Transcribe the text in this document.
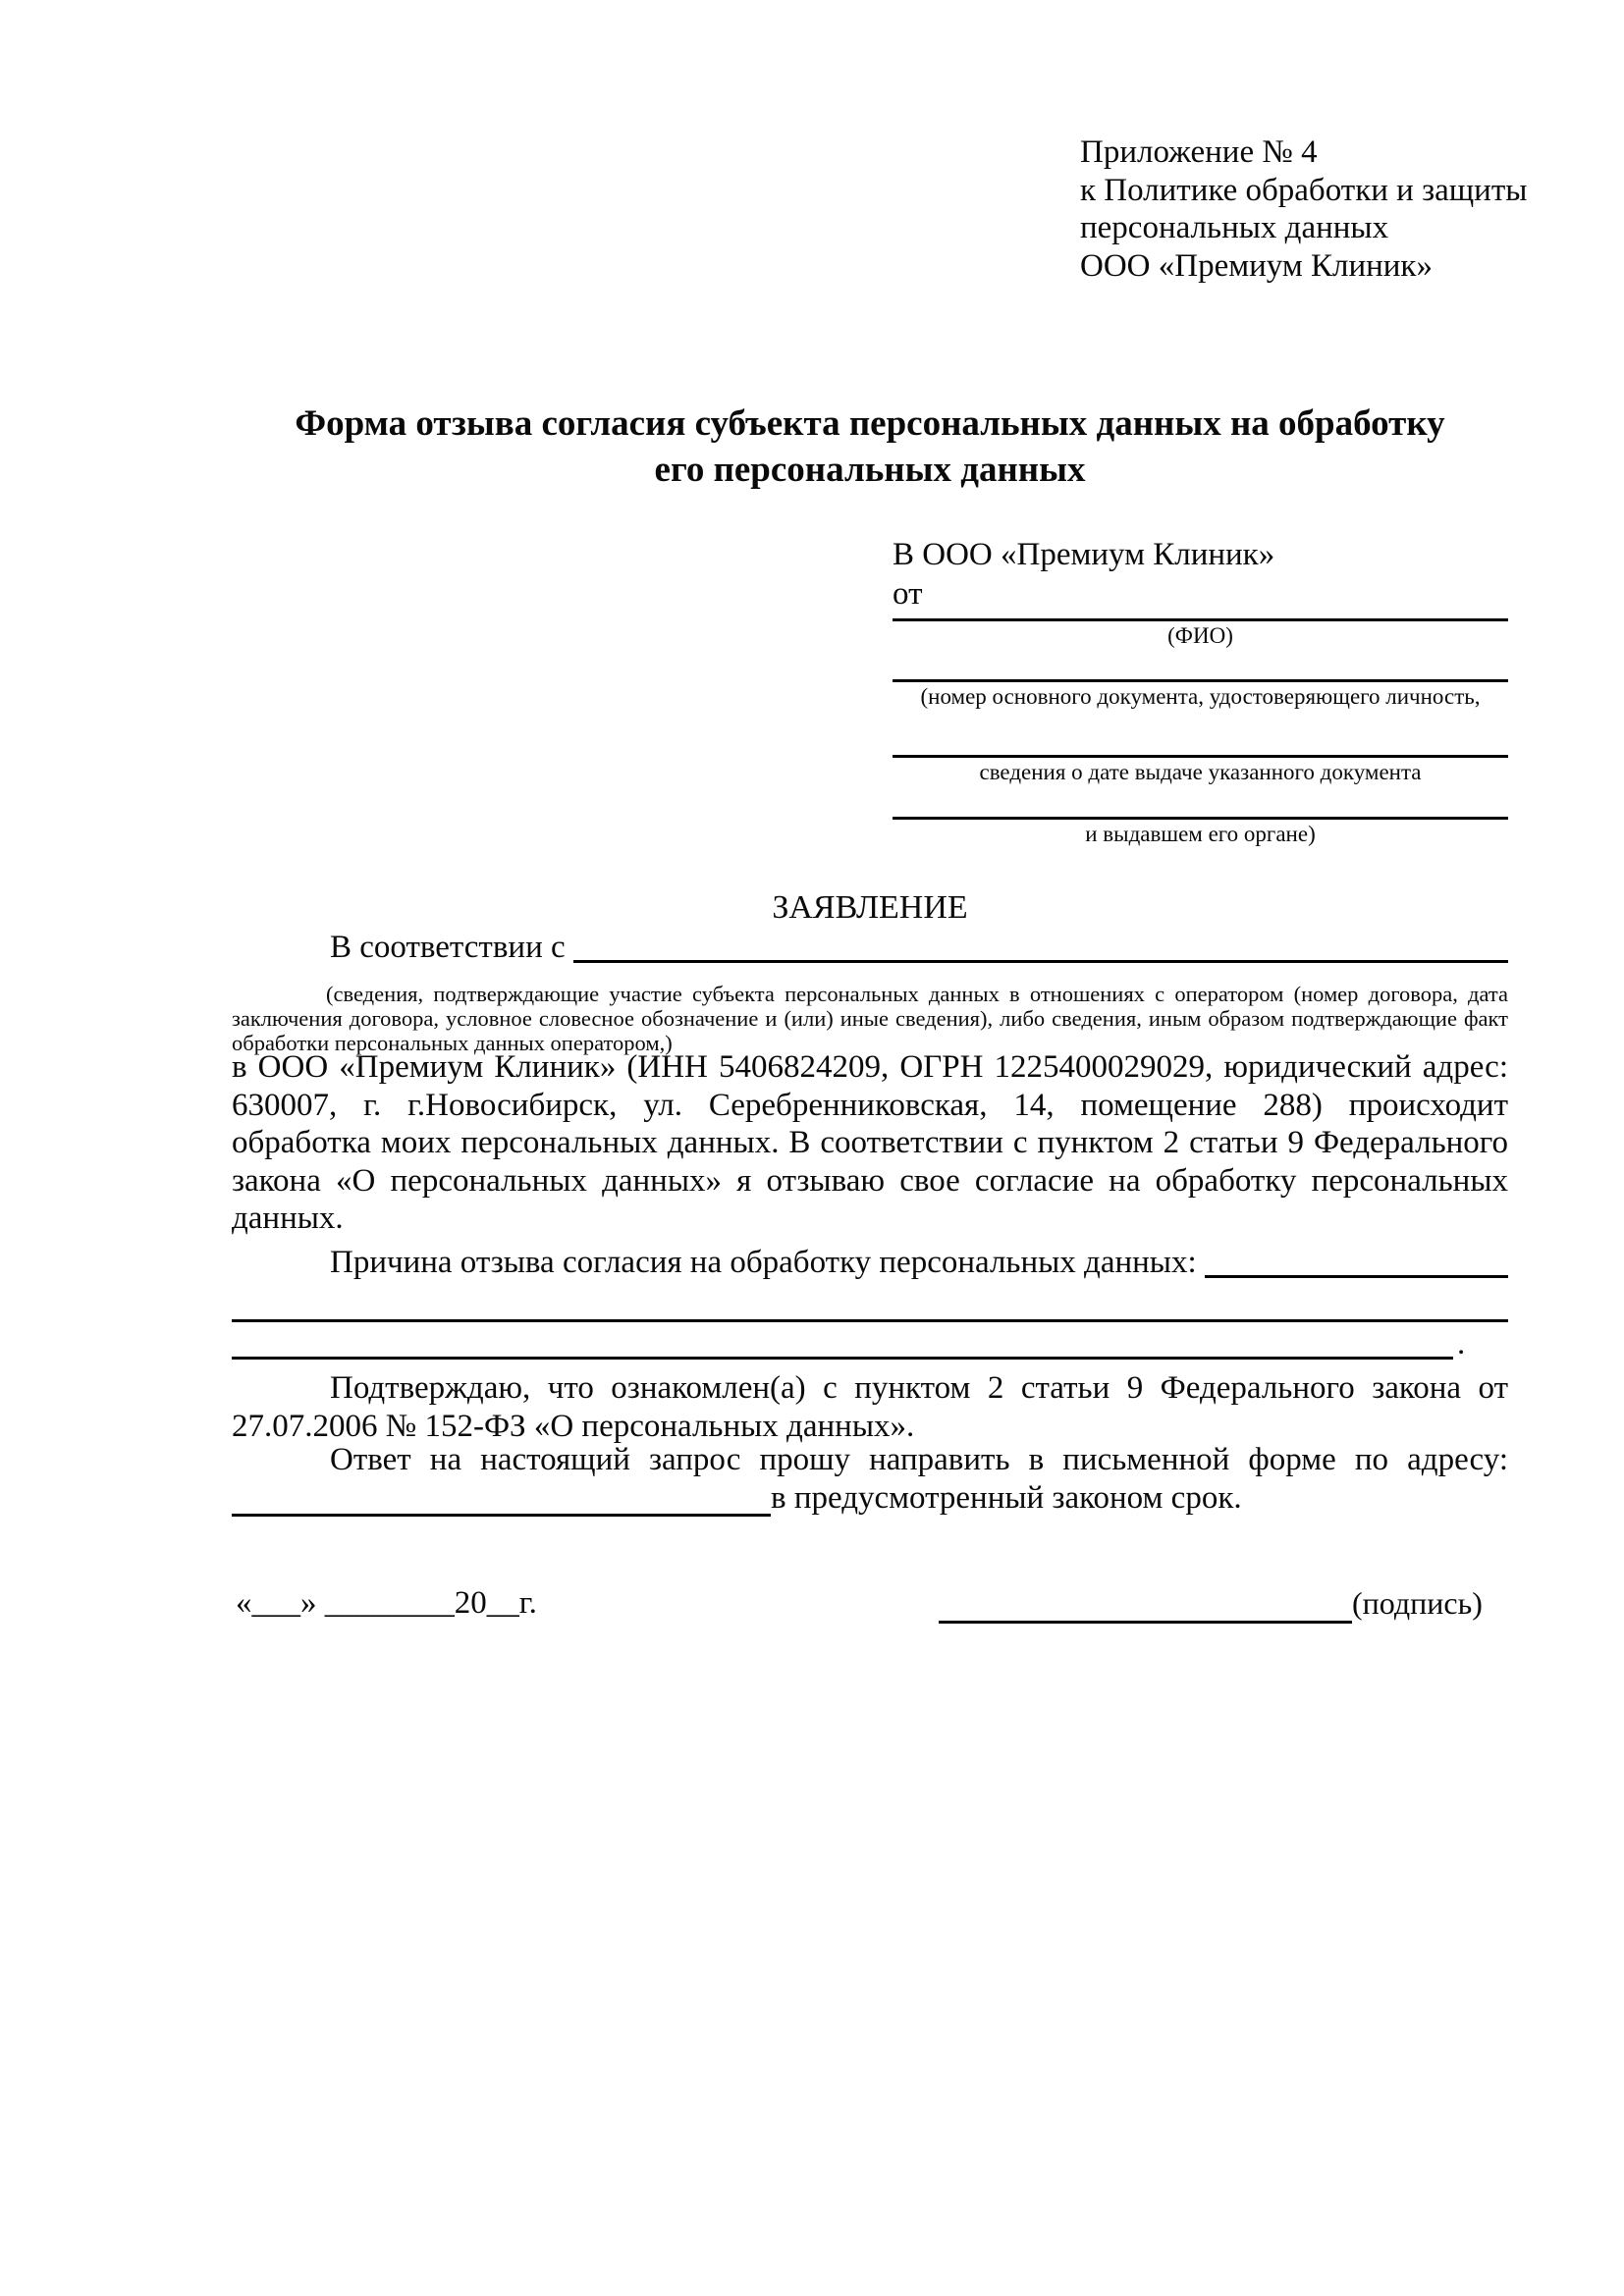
Приложение № 4
к Политике обработки и защиты
персональных данных
ООО «Премиум Клиник»
Форма отзыва согласия субъекта персональных данных на обработку
его персональных данных
В ООО «Премиум Клиник»
от
(ФИО)
(номер основного документа, удостоверяющего личность,
сведения о дате выдаче указанного документа
и выдавшем его органе)
ЗАЯВЛЕНИЕ
В соответствии с
(сведения, подтверждающие участие субъекта персональных данных в отношениях с оператором (номер договора, дата заключения договора, условное словесное обозначение и (или) иные сведения), либо сведения, иным образом подтверждающие факт обработки персональных данных оператором,)
в ООО «Премиум Клиник» (ИНН 5406824209, ОГРН 1225400029029, юридический адрес: 630007, г. г.Новосибирск, ул. Серебренниковская, 14, помещение 288) происходит обработка моих персональных данных. В соответствии с пунктом 2 статьи 9 Федерального закона «О персональных данных» я отзываю свое согласие на обработку персональных данных.
Причина отзыва согласия на обработку персональных данных:
.
Подтверждаю, что ознакомлен(а) с пунктом 2 статьи 9 Федерального закона от 27.07.2006 № 152-ФЗ «О персональных данных».
Ответ на настоящий запрос прошу направить в письменной форме по адресу:
в предусмотренный законом срок.
«___» ________20__г.	(подпись)
